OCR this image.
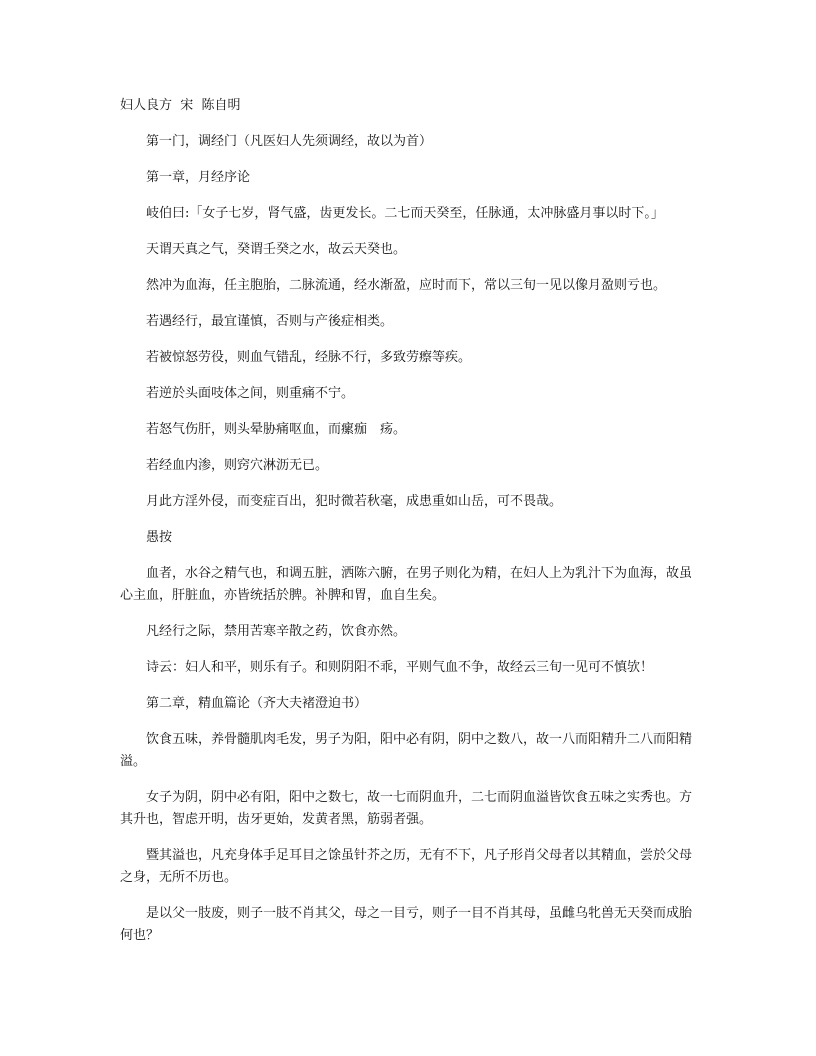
妇人良方  宋  陈自明

第一门，调经门（凡医妇人先须调经，故以为首）

第一章，月经序论

岐伯曰:「女子七岁，肾气盛，齿更发长。二七而天癸至，任脉通，太冲脉盛月事以时下。」

天谓天真之气，癸谓壬癸之水，故云天癸也。

然冲为血海，任主胞胎，二脉流通，经水渐盈，应时而下，常以三旬一见以像月盈则亏也。

若遇经行，最宜谨慎，否则与产後症相类。

若被惊怒劳役，则血气错乱，经脉不行，多致劳瘵等疾。

若逆於头面吱体之间，则重痛不宁。

若怒气伤肝，则头晕胁痛呕血，而瘰痂　疡。

若经血内渗，则窍穴淋沥无已。

月此方淫外侵，而变症百出，犯时微若秋毫，成患重如山岳，可不畏哉。

愚按

血者，水谷之精气也，和调五脏，洒陈六腑，在男子则化为精，在妇人上为乳汁下为血海，故虽心主血，肝脏血，亦皆统括於脾。补脾和胃，血自生矣。

凡经行之际，禁用苦寒辛散之药，饮食亦然。

诗云：妇人和平，则乐有子。和则阴阳不乖，平则气血不争，故经云三旬一见可不慎欤！

第二章，精血篇论（齐大夫褚澄迫书）

饮食五味，养骨髓肌肉毛发，男子为阳，阳中必有阴，阴中之数八，故一八而阳精升二八而阳精溢。

女子为阴，阴中必有阳，阳中之数七，故一七而阴血升，二七而阴血溢皆饮食五味之实秀也。方其升也，智虑开明，齿牙更始，发黄者黑，筋弱者强。

暨其溢也，凡充身体手足耳目之馀虽针芥之历，无有不下，凡子形肖父母者以其精血，尝於父母之身，无所不历也。

是以父一肢废，则子一肢不肖其父，母之一目亏，则子一目不肖其母，虽雌乌牝兽无天癸而成胎何也？
